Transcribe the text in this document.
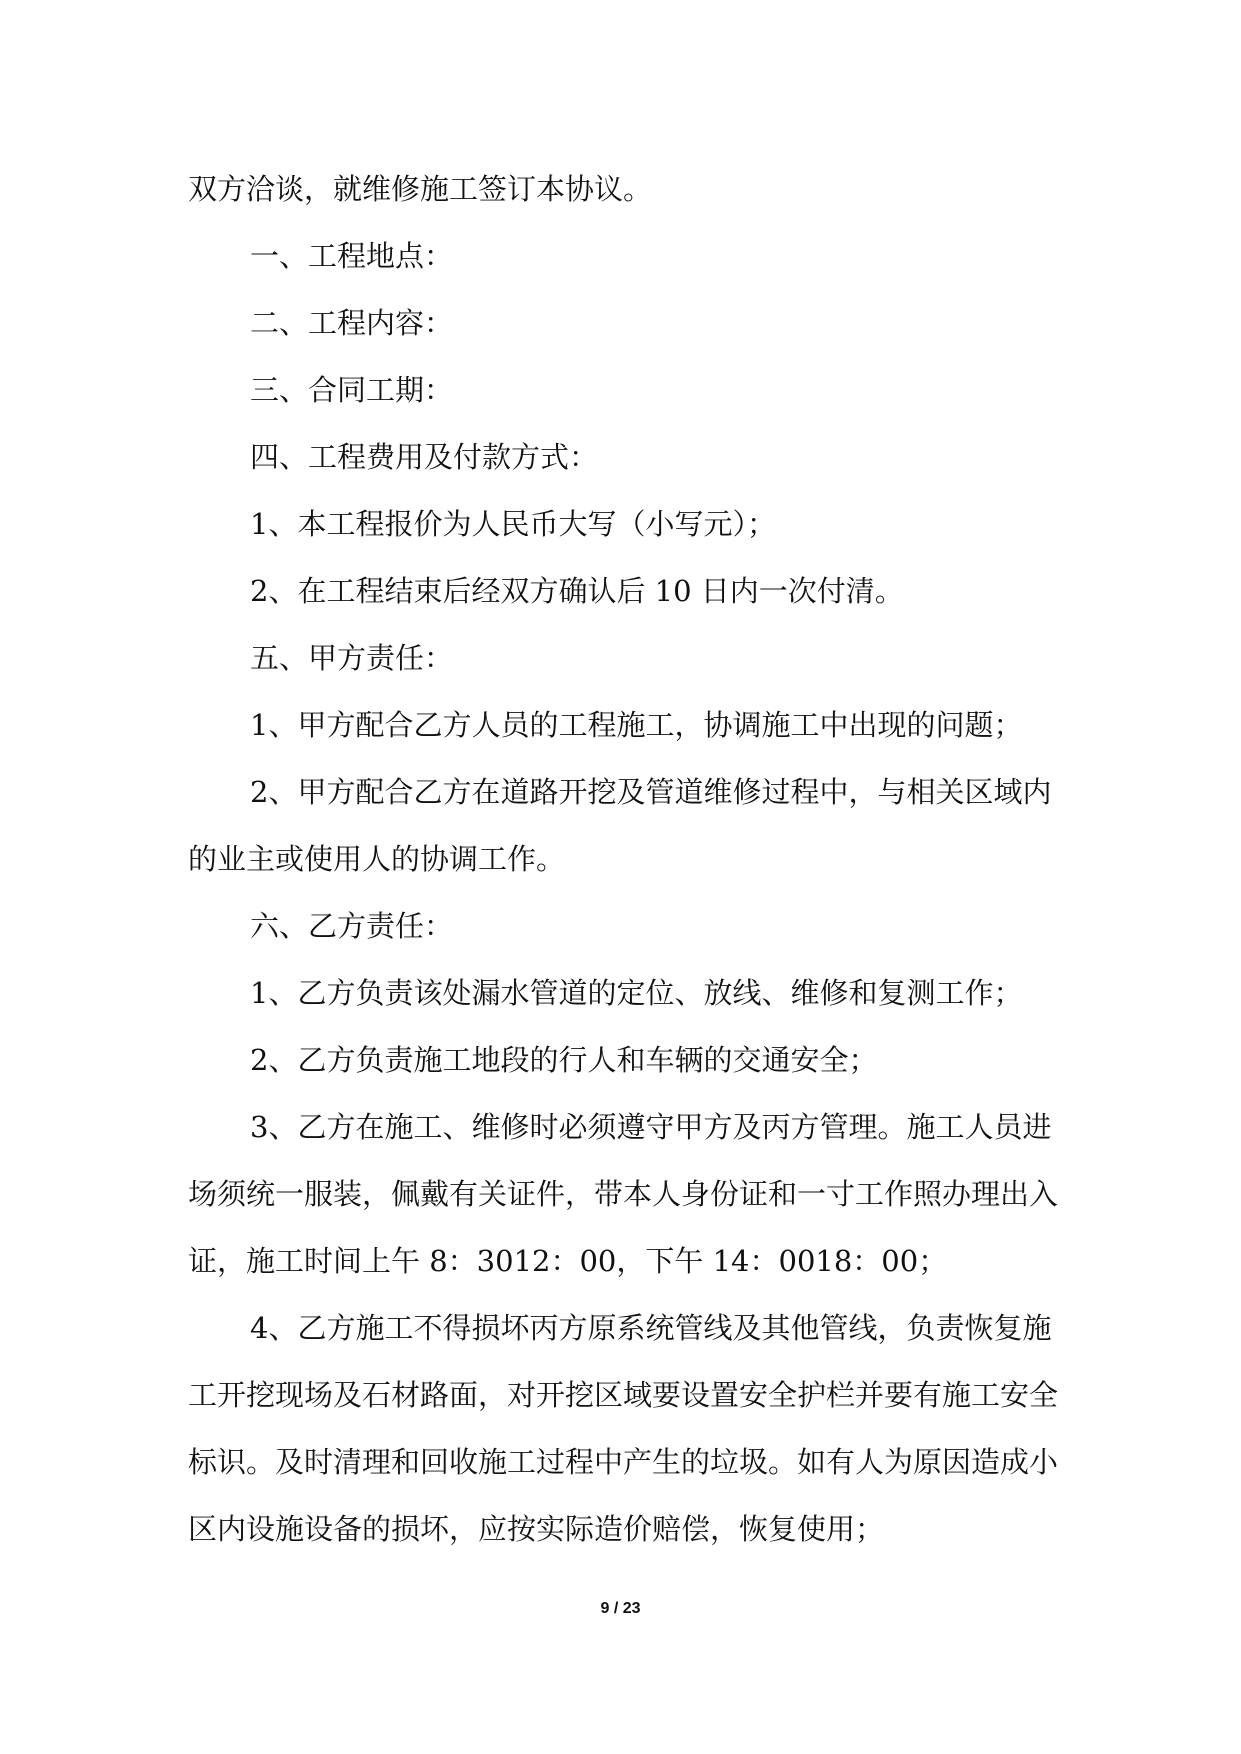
双方洽谈，就维修施工签订本协议。

一、工程地点：

二、工程内容：

三、合同工期：

四、工程费用及付款方式：

1、本工程报价为人民币大写（小写元）；

2、在工程结束后经双方确认后 10 日内一次付清。

五、甲方责任：

1、甲方配合乙方人员的工程施工，协调施工中出现的问题；

2、甲方配合乙方在道路开挖及管道维修过程中，与相关区域内的业主或使用人的协调工作。

六、乙方责任：

1、乙方负责该处漏水管道的定位、放线、维修和复测工作；

2、乙方负责施工地段的行人和车辆的交通安全；

3、乙方在施工、维修时必须遵守甲方及丙方管理。施工人员进场须统一服装，佩戴有关证件，带本人身份证和一寸工作照办理出入证，施工时间上午 8：3012：00，下午 14：0018：00；

4、乙方施工不得损坏丙方原系统管线及其他管线，负责恢复施工开挖现场及石材路面，对开挖区域要设置安全护栏并要有施工安全标识。及时清理和回收施工过程中产生的垃圾。如有人为原因造成小区内设施设备的损坏，应按实际造价赔偿，恢复使用；

9 / 23
